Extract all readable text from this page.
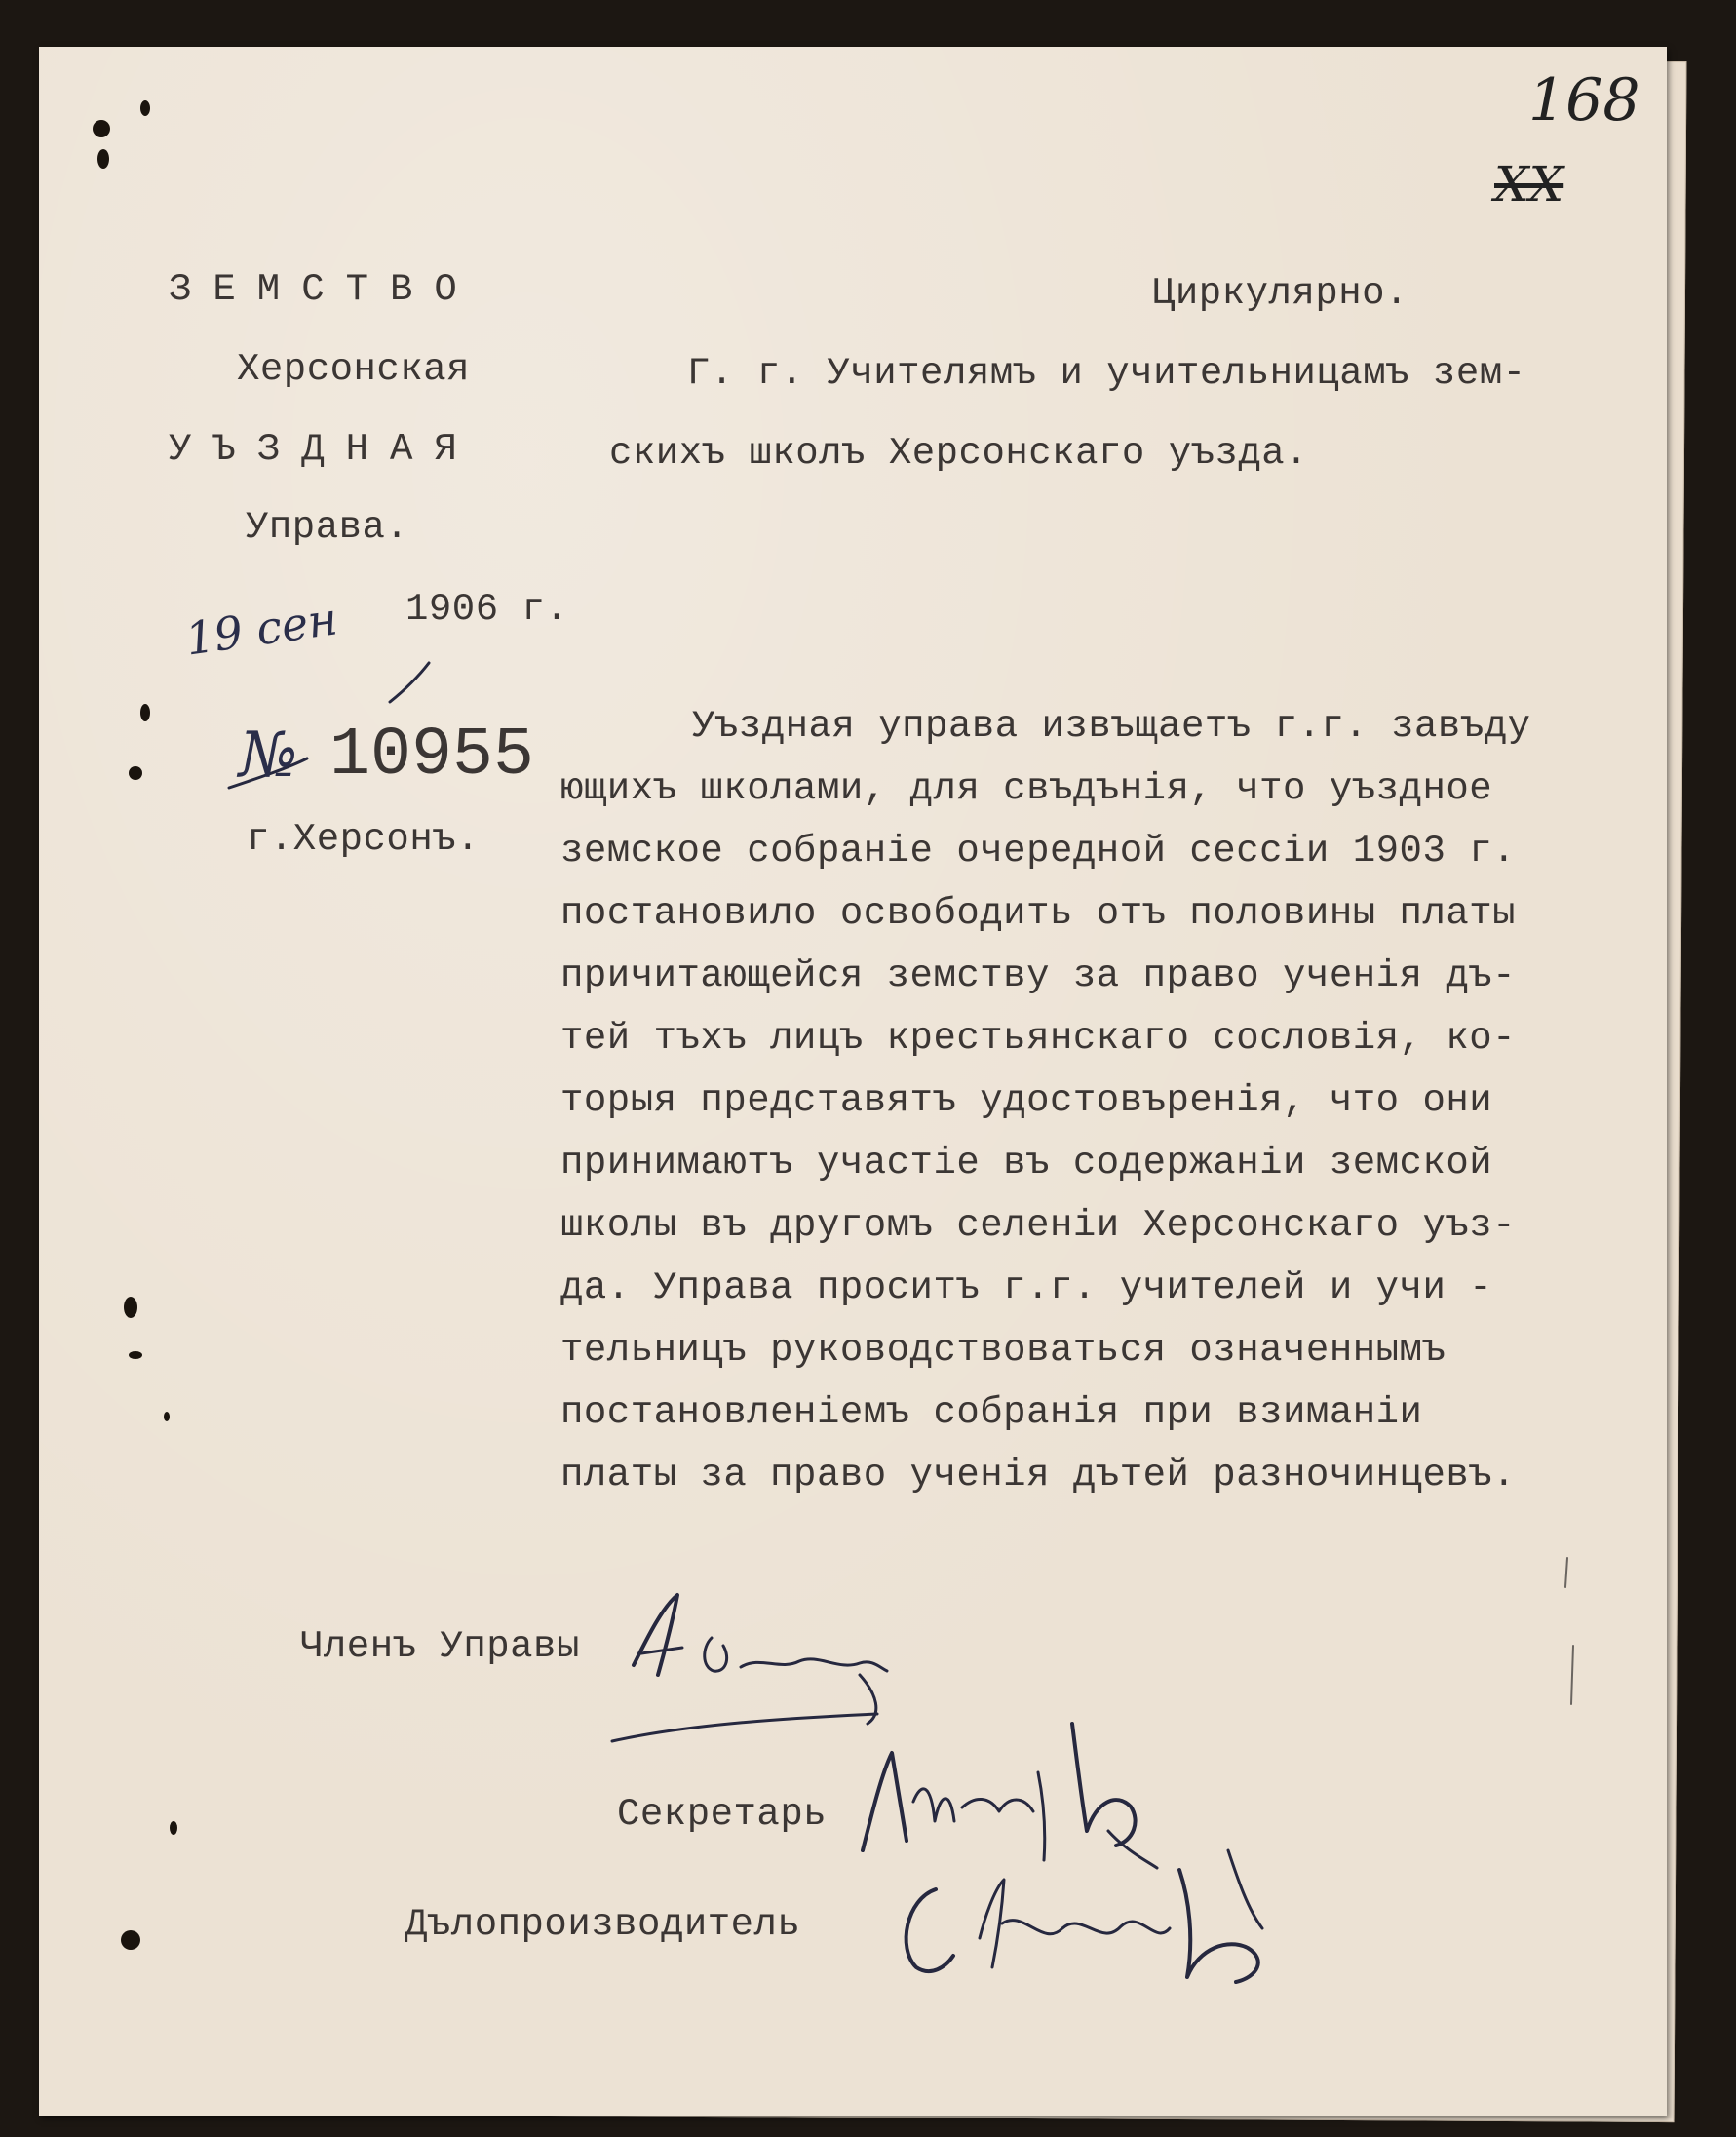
168
XX
ЗЕМСТВО
Херсонская
УЪЗДНАЯ
Управа.
19 сен 1906 г.
№ 10955
г.Херсонъ.
Циркулярно.
Г. г. Учителямъ и учительницамъ зем-
скихъ школъ Херсонскаго уъзда.
Уъздная управа извъщаетъ г.г. завъду
ющихъ школами, для свъдънія, что уъздное
земское собраніе очередной сессіи 1903 г.
постановило освободить отъ половины платы
причитающейся земству за право ученія дъ-
тей тъхъ лицъ крестьянскаго сословія, ко-
торыя представятъ удостовъренія, что они
принимаютъ участіе въ содержаніи земской
школы въ другомъ селеніи Херсонскаго уъз-
да. Управа проситъ г.г. учителей и учи -
тельницъ руководствоваться означеннымъ
постановленіемъ собранія при взиманіи
платы за право ученія дътей разночинцевъ.
Членъ Управы
Секретарь
Дълопроизводитель
